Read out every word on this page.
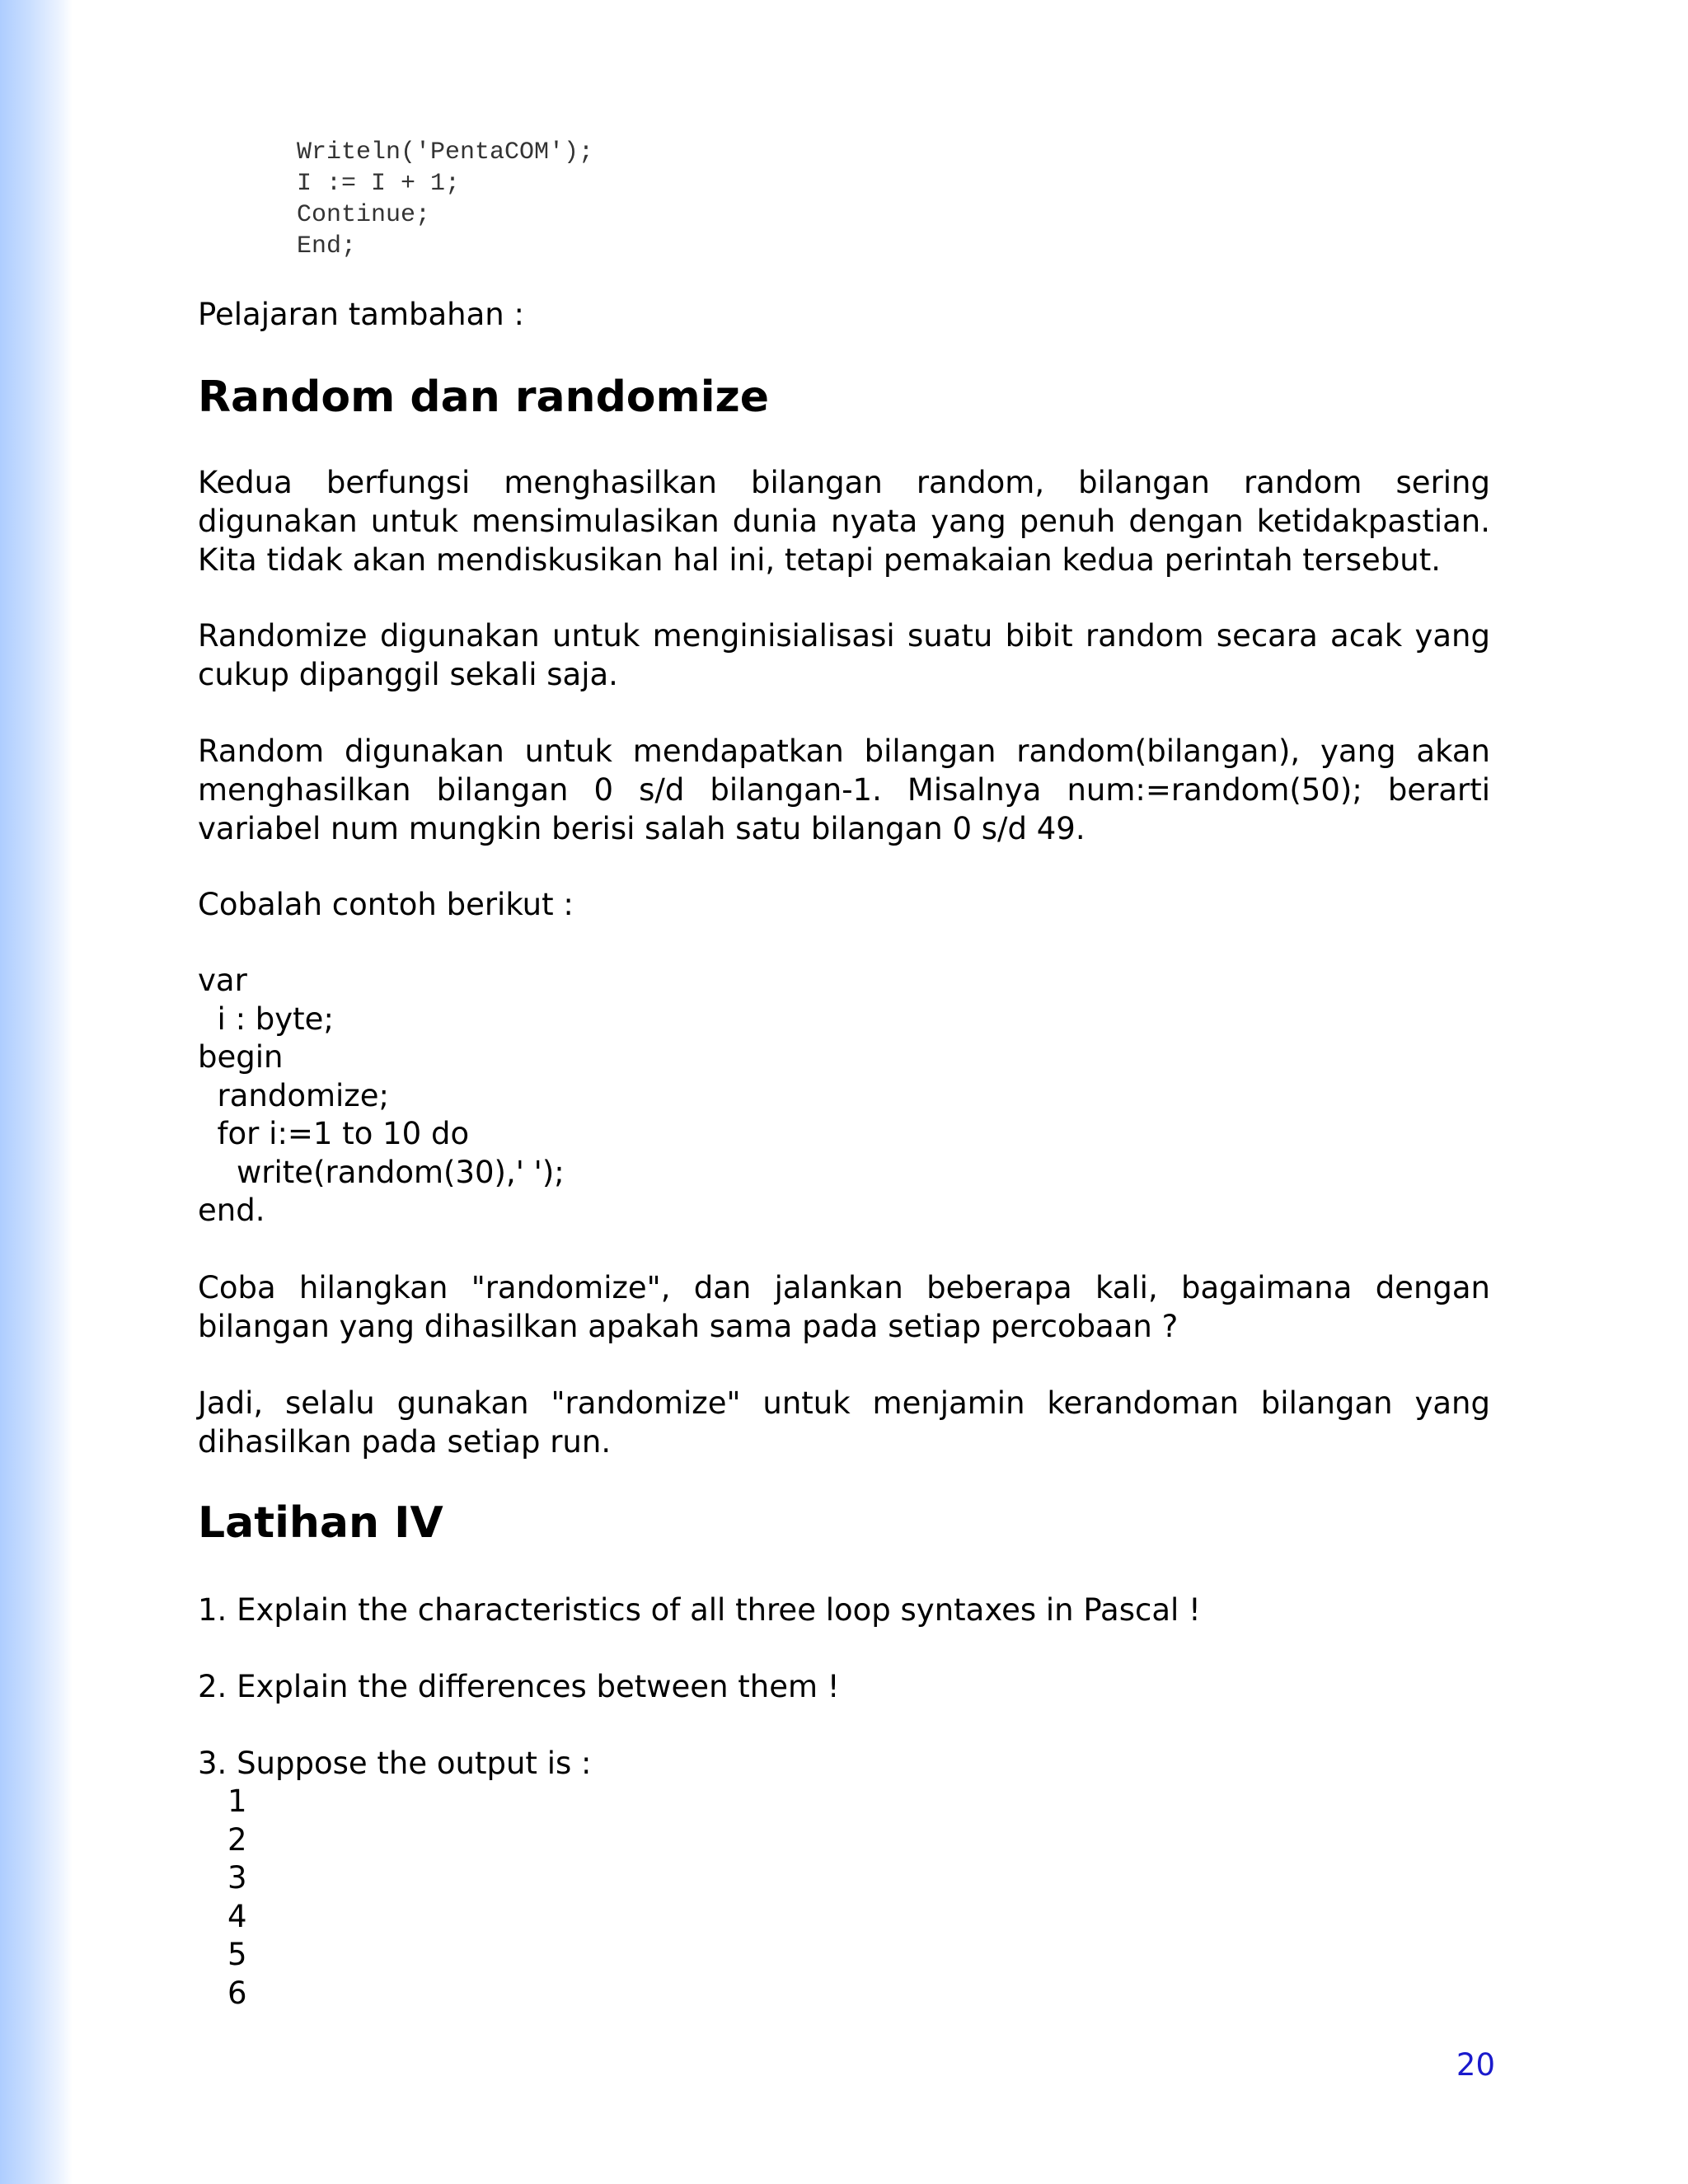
Writeln('PentaCOM');
I := I + 1;
Continue;
End;

Pelajaran tambahan :

Random dan randomize

Kedua berfungsi menghasilkan bilangan random, bilangan random sering digunakan untuk mensimulasikan dunia nyata yang penuh dengan ketidakpastian. Kita tidak akan mendiskusikan hal ini, tetapi pemakaian kedua perintah tersebut.

Randomize digunakan untuk menginisialisasi suatu bibit random secara acak yang cukup dipanggil sekali saja.

Random digunakan untuk mendapatkan bilangan random(bilangan), yang akan menghasilkan bilangan 0 s/d bilangan-1. Misalnya num:=random(50); berarti variabel num mungkin berisi salah satu bilangan 0 s/d 49.

Cobalah contoh berikut :

var
i : byte;
begin
randomize;
for i:=1 to 10 do
write(random(30),' ');
end.

Coba hilangkan "randomize", dan jalankan beberapa kali, bagaimana dengan bilangan yang dihasilkan apakah sama pada setiap percobaan ?

Jadi, selalu gunakan "randomize" untuk menjamin kerandoman bilangan yang dihasilkan pada setiap run.

Latihan IV

1. Explain the characteristics of all three loop syntaxes in Pascal !

2. Explain the differences between them !

3. Suppose the output is :

1
2
3
4
5
6
20
